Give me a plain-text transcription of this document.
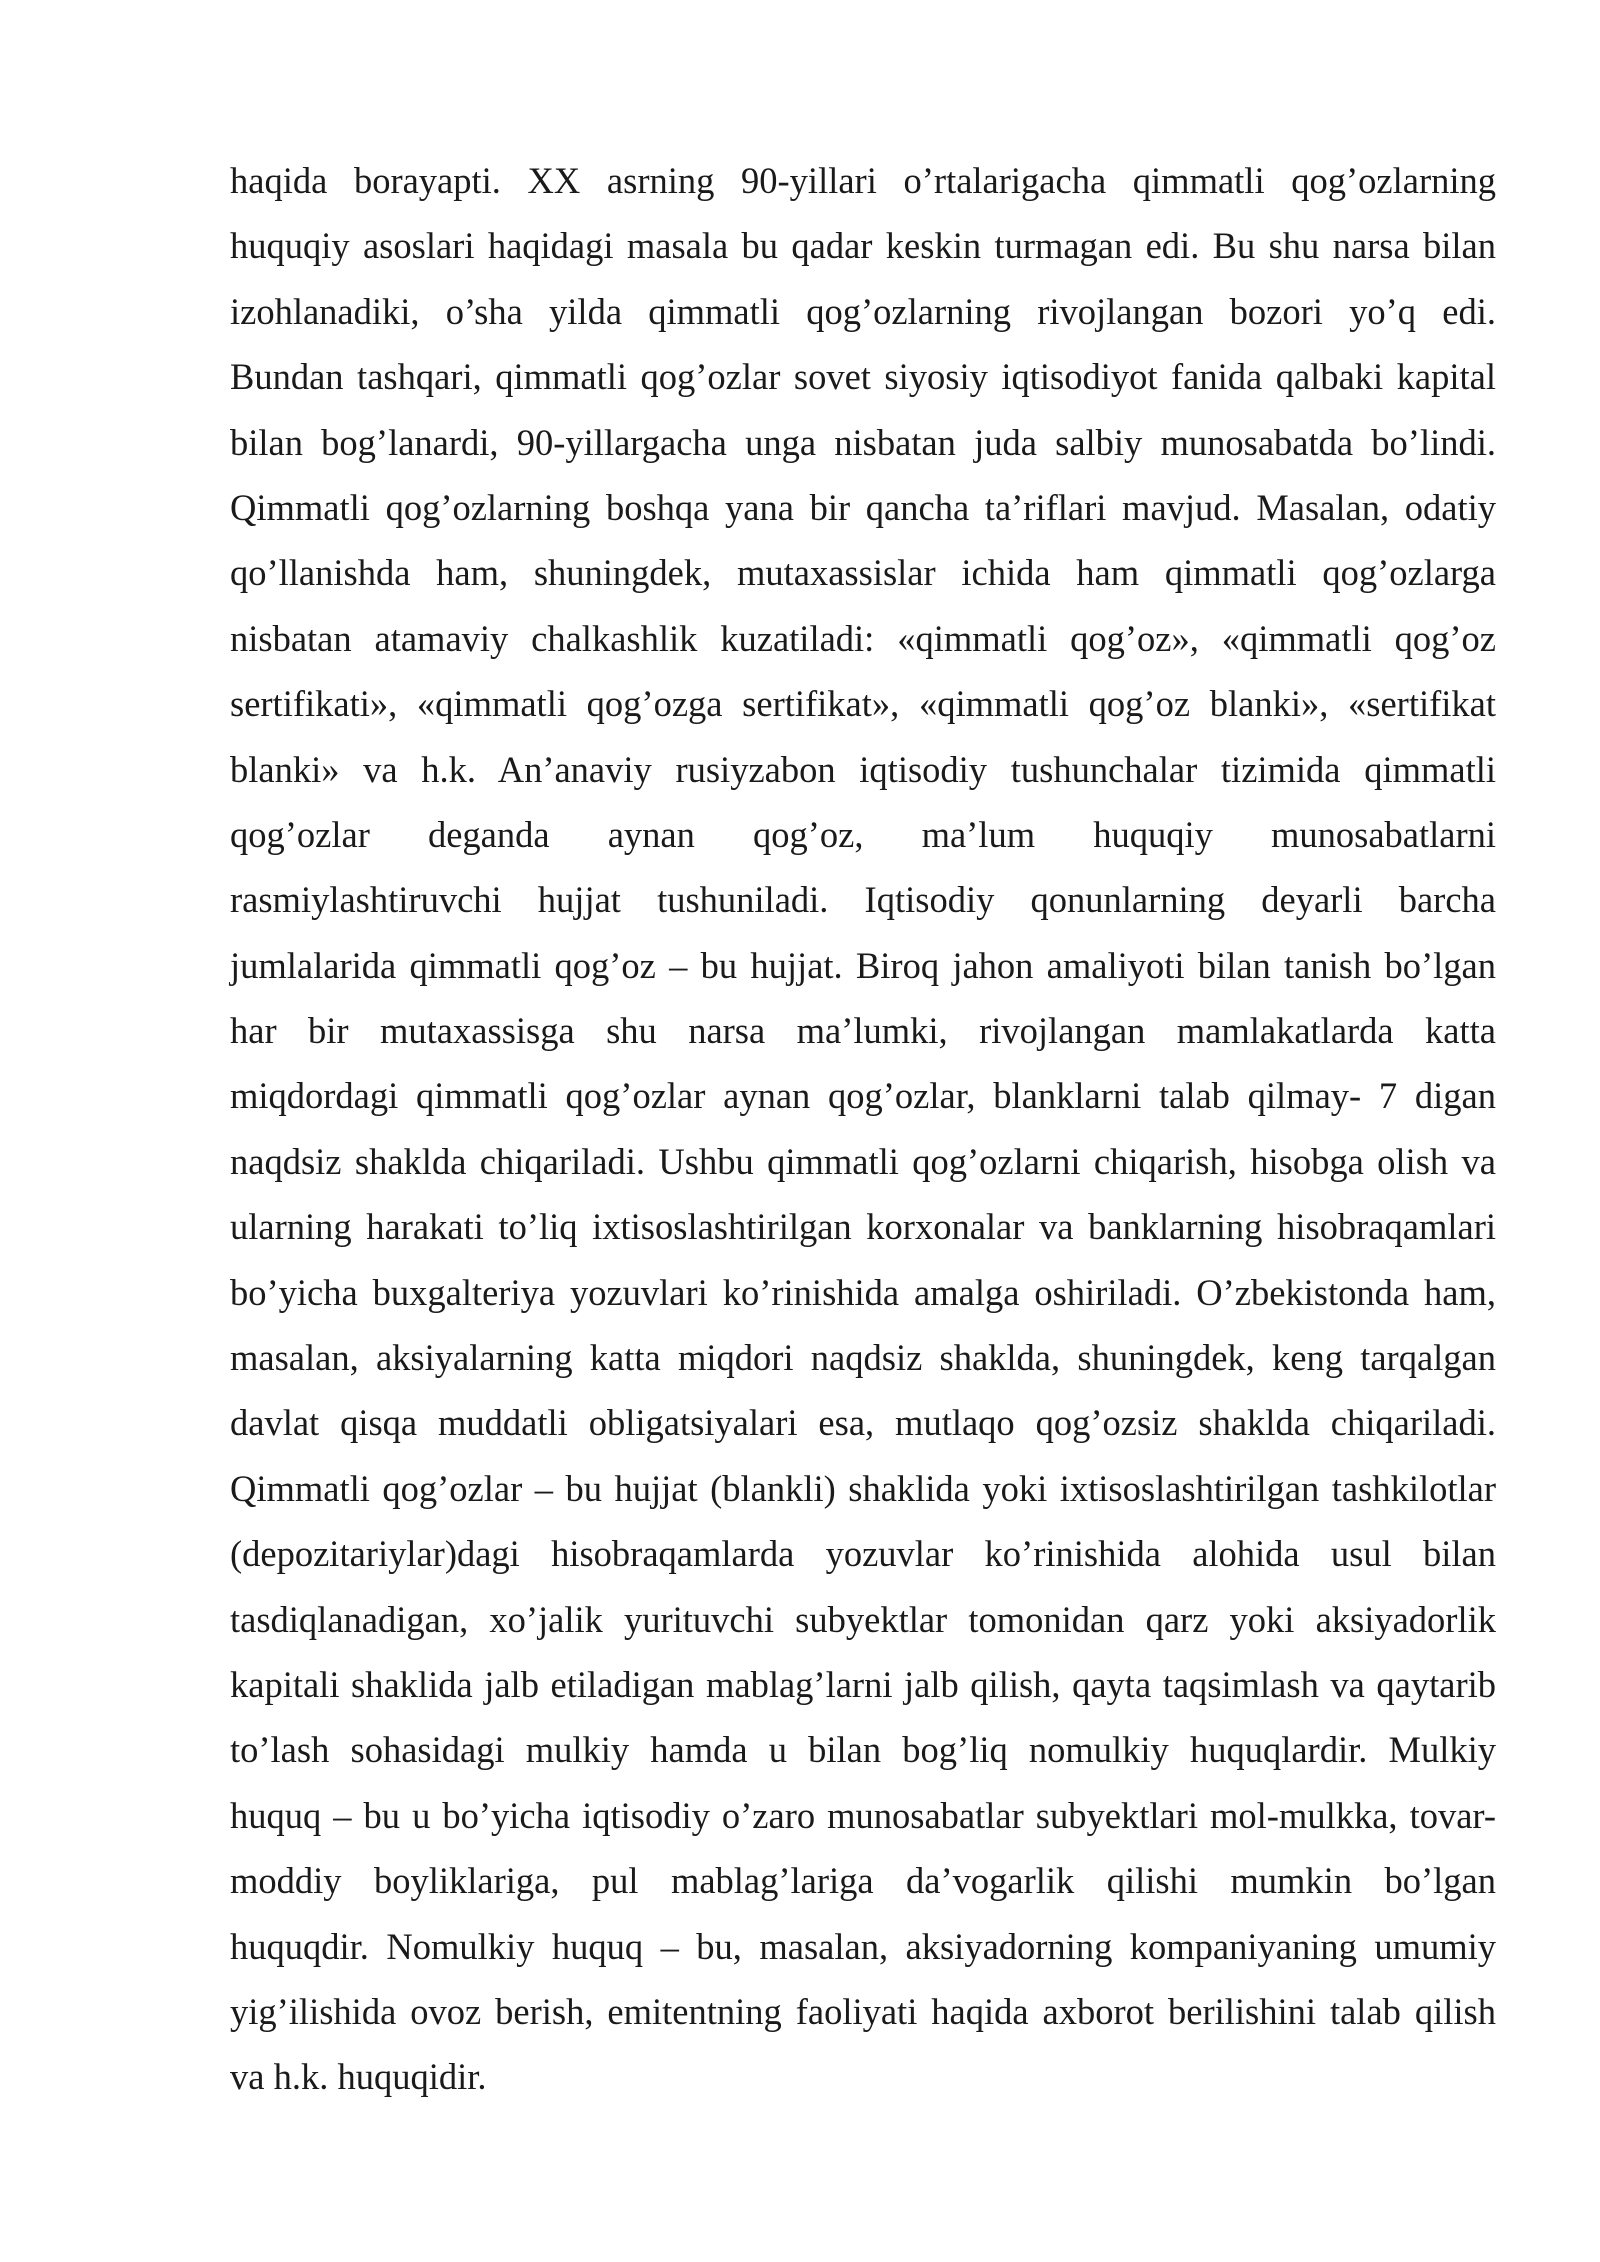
haqida borayapti. XX asrning 90-yillari o’rtalarigacha qimmatli qog’ozlarning
huquqiy asoslari haqidagi masala bu qadar keskin turmagan edi. Bu shu narsa bilan
izohlanadiki, o’sha yilda qimmatli qog’ozlarning rivojlangan bozori yo’q edi.
Bundan tashqari, qimmatli qog’ozlar sovet siyosiy iqtisodiyot fanida qalbaki kapital
bilan bog’lanardi, 90-yillargacha unga nisbatan juda salbiy munosabatda bo’lindi.
Qimmatli qog’ozlarning boshqa yana bir qancha ta’riflari mavjud. Masalan, odatiy
qo’llanishda ham, shuningdek, mutaxassislar ichida ham qimmatli qog’ozlarga
nisbatan atamaviy chalkashlik kuzatiladi: «qimmatli qog’oz», «qimmatli qog’oz
sertifikati», «qimmatli qog’ozga sertifikat», «qimmatli qog’oz blanki», «sertifikat
blanki» va h.k. An’anaviy rusiyzabon iqtisodiy tushunchalar tizimida qimmatli
qog’ozlar deganda aynan qog’oz, ma’lum huquqiy munosabatlarni
rasmiylashtiruvchi hujjat tushuniladi. Iqtisodiy qonunlarning deyarli barcha
jumlalarida qimmatli qog’oz – bu hujjat. Biroq jahon amaliyoti bilan tanish bo’lgan
har bir mutaxassisga shu narsa ma’lumki, rivojlangan mamlakatlarda katta
miqdordagi qimmatli qog’ozlar aynan qog’ozlar, blanklarni talab qilmay- 7 digan
naqdsiz shaklda chiqariladi. Ushbu qimmatli qog’ozlarni chiqarish, hisobga olish va
ularning harakati to’liq ixtisoslashtirilgan korxonalar va banklarning hisobraqamlari
bo’yicha buxgalteriya yozuvlari ko’rinishida amalga oshiriladi. O’zbekistonda ham,
masalan, aksiyalarning katta miqdori naqdsiz shaklda, shuningdek, keng tarqalgan
davlat qisqa muddatli obligatsiyalari esa, mutlaqo qog’ozsiz shaklda chiqariladi.
Qimmatli qog’ozlar – bu hujjat (blankli) shaklida yoki ixtisoslashtirilgan tashkilotlar
(depozitariylar)dagi hisobraqamlarda yozuvlar ko’rinishida alohida usul bilan
tasdiqlanadigan, xo’jalik yurituvchi subyektlar tomonidan qarz yoki aksiyadorlik
kapitali shaklida jalb etiladigan mablag’larni jalb qilish, qayta taqsimlash va qaytarib
to’lash sohasidagi mulkiy hamda u bilan bog’liq nomulkiy huquqlardir. Mulkiy
huquq – bu u bo’yicha iqtisodiy o’zaro munosabatlar subyektlari mol-mulkka, tovar-
moddiy boyliklariga, pul mablag’lariga da’vogarlik qilishi mumkin bo’lgan
huquqdir. Nomulkiy huquq – bu, masalan, aksiyadorning kompaniyaning umumiy
yig’ilishida ovoz berish, emitentning faoliyati haqida axborot berilishini talab qilish
va h.k. huquqidir.
